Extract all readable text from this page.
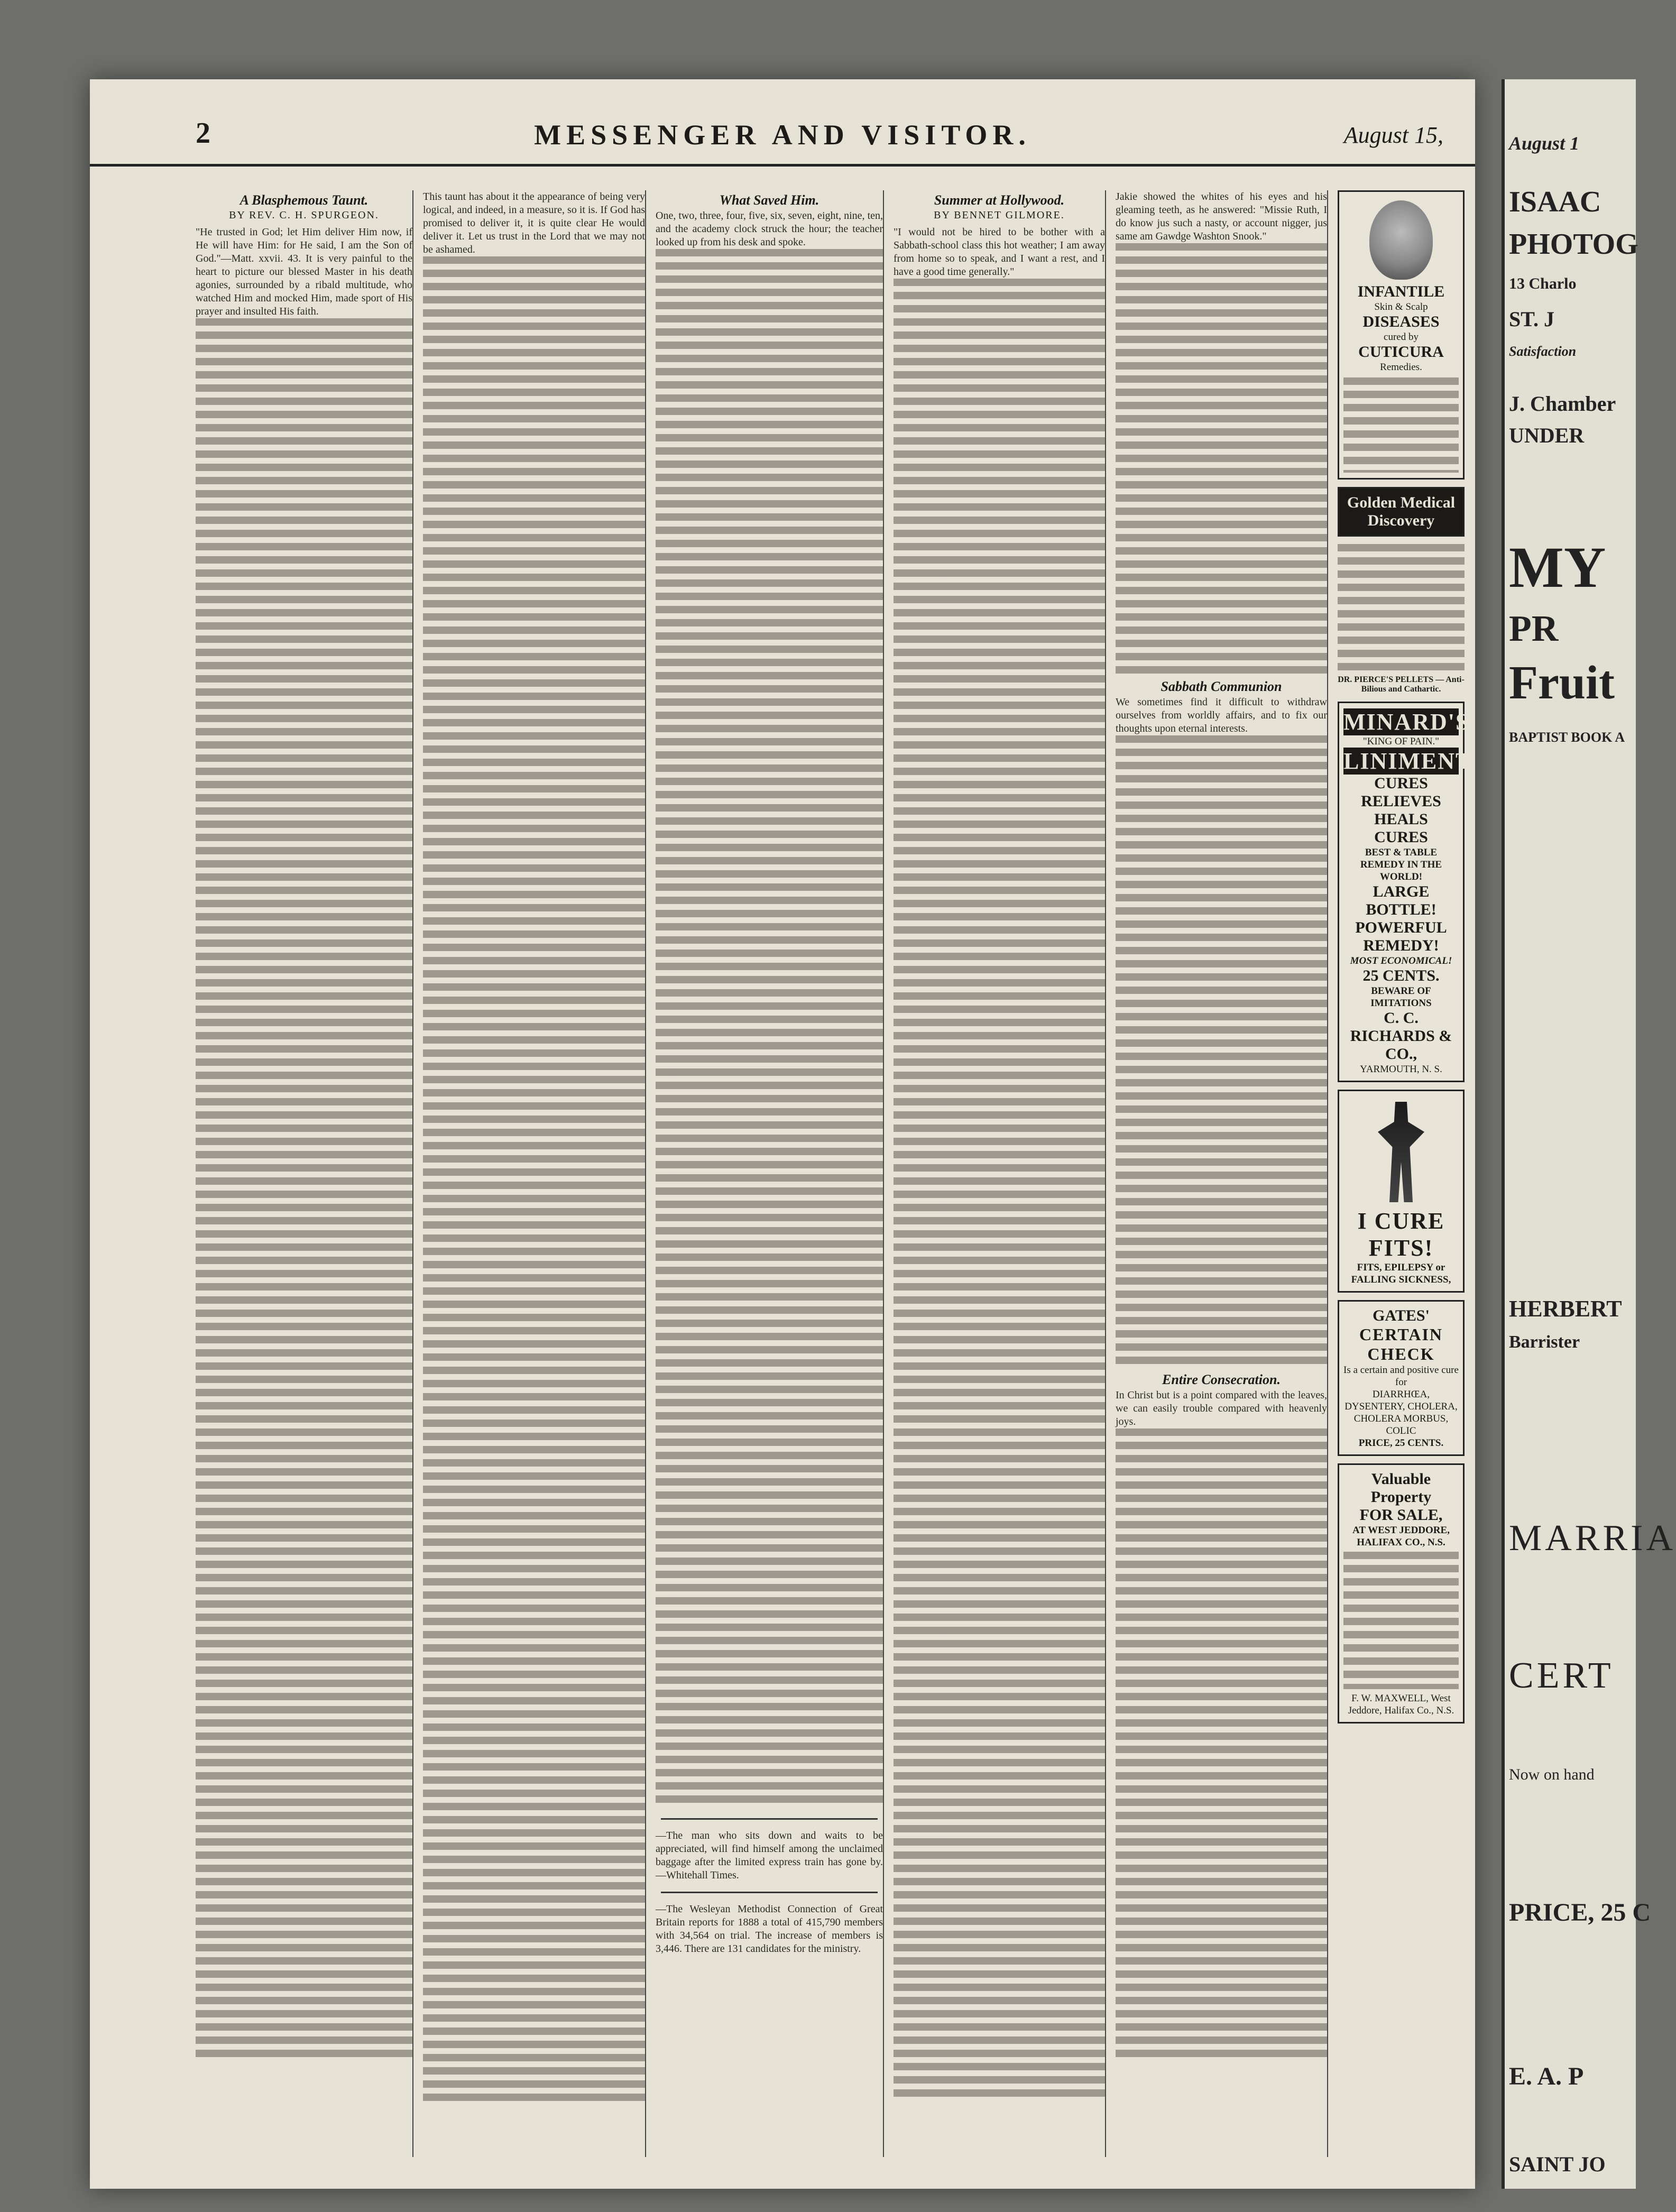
2	MESSENGER AND VISITOR.	August 15,
A Blasphemous Taunt.
BY REV. C. H. SPURGEON.
"He trusted in God; let Him deliver Him now, if He will have Him: for He said, I am the Son of God."—Matt. xxvii. 43. It is very painful to the heart to picture our blessed Master in his death agonies, surrounded by a ribald multitude, who watched Him and mocked Him, made sport of His prayer and insulted His faith.
This taunt has about it the appearance of being very logical, and indeed, in a measure, so it is. If God has promised to deliver it, it is quite clear He would deliver it. Let us trust in the Lord that we may not be ashamed.
What Saved Him.
One, two, three, four, five, six, seven, eight, nine, ten, and the academy clock struck the hour; the teacher looked up from his desk and spoke.
—The man who sits down and waits to be appreciated, will find himself among the unclaimed baggage after the limited express train has gone by.—Whitehall Times.
—The Wesleyan Methodist Connection of Great Britain reports for 1888 a total of 415,790 members with 34,564 on trial. The increase of members is 3,446. There are 131 candidates for the ministry.
Summer at Hollywood.
BY BENNET GILMORE.
"I would not be hired to be bother with a Sabbath-school class this hot weather; I am away from home so to speak, and I want a rest, and I have a good time generally."
Jakie showed the whites of his eyes and his gleaming teeth, as he answered: "Missie Ruth, I do know jus such a nasty, or account nigger, jus same am Gawdge Washton Snook."
Sabbath Communion
We sometimes find it difficult to withdraw ourselves from worldly affairs, and to fix our thoughts upon eternal interests.
Entire Consecration.
In Christ but is a point compared with the leaves, we can easily trouble compared with heavenly joys.
INFANTILE
Skin & Scalp
DISEASES
cured by
CUTICURA
Remedies.
Golden Medical Discovery
DR. PIERCE'S PELLETS — Anti-Bilious and Cathartic.
MINARD'S
"KING OF PAIN."
LINIMENT
CURES
RELIEVES
HEALS
CURES
BEST & TABLE REMEDY IN THE WORLD!
LARGE BOTTLE!
POWERFUL REMEDY!
MOST ECONOMICAL!
25 CENTS.
BEWARE OF IMITATIONS
C. C. RICHARDS & CO.,
YARMOUTH, N. S.
I CURE
FITS!
FITS, EPILEPSY or FALLING SICKNESS,
GATES'
CERTAIN CHECK
Is a certain and positive cure for
DIARRHŒA, DYSENTERY, CHOLERA, CHOLERA MORBUS, COLIC
PRICE, 25 CENTS.
Valuable Property
FOR SALE,
AT WEST JEDDORE, HALIFAX CO., N.S.
F. W. MAXWELL, West Jeddore, Halifax Co., N.S.
August 1
ISAAC
PHOTOG
13 Charlo
ST. J
Satisfaction
J. Chamber
UNDER
MY
PR
Fruit
BAPTIST BOOK A
HERBERT
Barrister
MARRIA
CERT
Now on hand
PRICE, 25 C
E. A. P
SAINT JO
